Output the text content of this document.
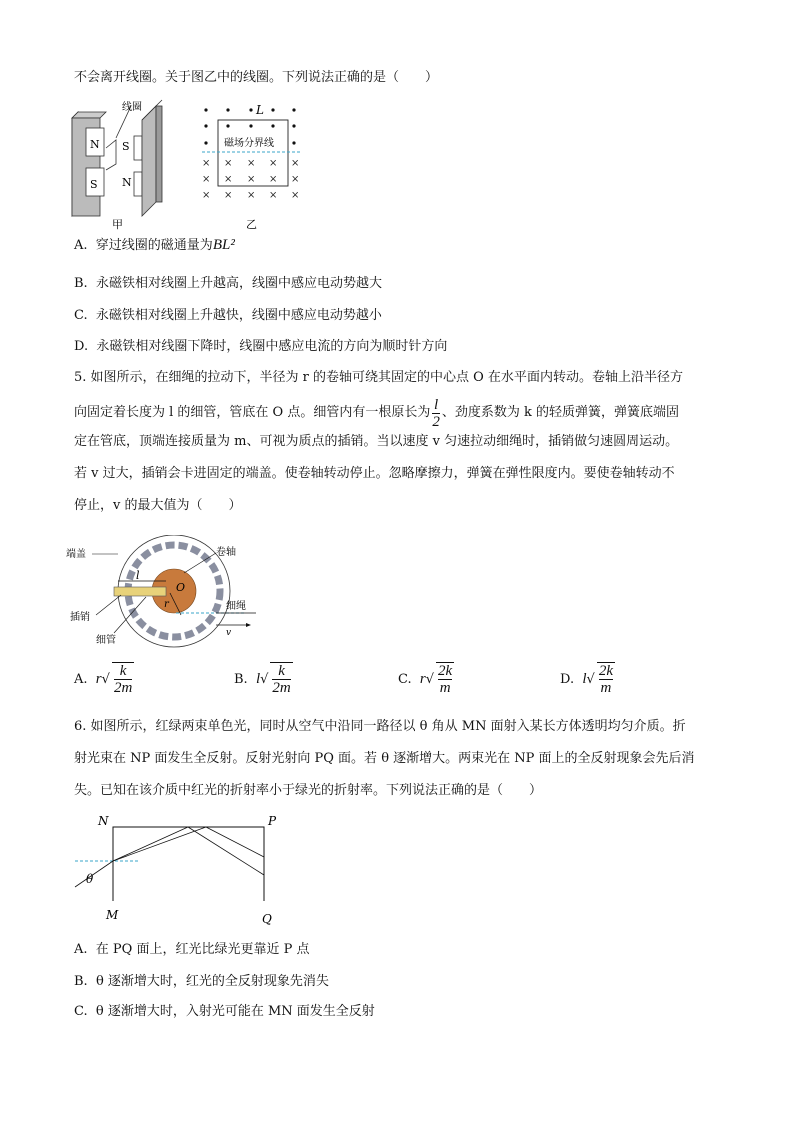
不会离开线圈。关于图乙中的线圈。下列说法正确的是（　　）
N
S
线圈
S
N
甲
L
磁场分界线
× × × × ×
× × × × ×
× × × × ×
乙
A. 穿过线圈的磁通量为BL²
B. 永磁铁相对线圈上升越高，线圈中感应电动势越大
C. 永磁铁相对线圈上升越快，线圈中感应电动势越小
D. 永磁铁相对线圈下降时，线圈中感应电流的方向为顺时针方向
5. 如图所示，在细绳的拉动下，半径为 r 的卷轴可绕其固定的中心点 O 在水平面内转动。卷轴上沿半径方
向固定着长度为 l 的细管，管底在 O 点。细管内有一根原长为 $\frac{l}{2}$ 、劲度系数为 k 的轻质弹簧，弹簧底端固
定在管底，顶端连接质量为 m、可视为质点的插销。当以速度 v 匀速拉动细绳时，插销做匀速圆周运动。
若 v 过大，插销会卡进固定的端盖。使卷轴转动停止。忽略摩擦力，弹簧在弹性限度内。要使卷轴转动不
停止，v 的最大值为（　　）
l
O
r
v
细绳
端盖	卷轴
插销
细管
A.
r √ $\frac{k}{2m}$	B.
l √ $\frac{k}{2m}$	C.
r √ $\frac{2k}{m}$	D.
l √ $\frac{2k}{m}$
6. 如图所示，红绿两束单色光，同时从空气中沿同一路径以 θ 角从 MN 面射入某长方体透明均匀介质。折
射光束在 NP 面发生全反射。反射光射向 PQ 面。若 θ 逐渐增大。两束光在 NP 面上的全反射现象会先后消
失。已知在该介质中红光的折射率小于绿光的折射率。下列说法正确的是（　　）
N	P
M	Q
θ
A. 在 PQ 面上，红光比绿光更靠近 P 点
B. θ 逐渐增大时，红光的全反射现象先消失
C. θ 逐渐增大时，入射光可能在 MN 面发生全反射
